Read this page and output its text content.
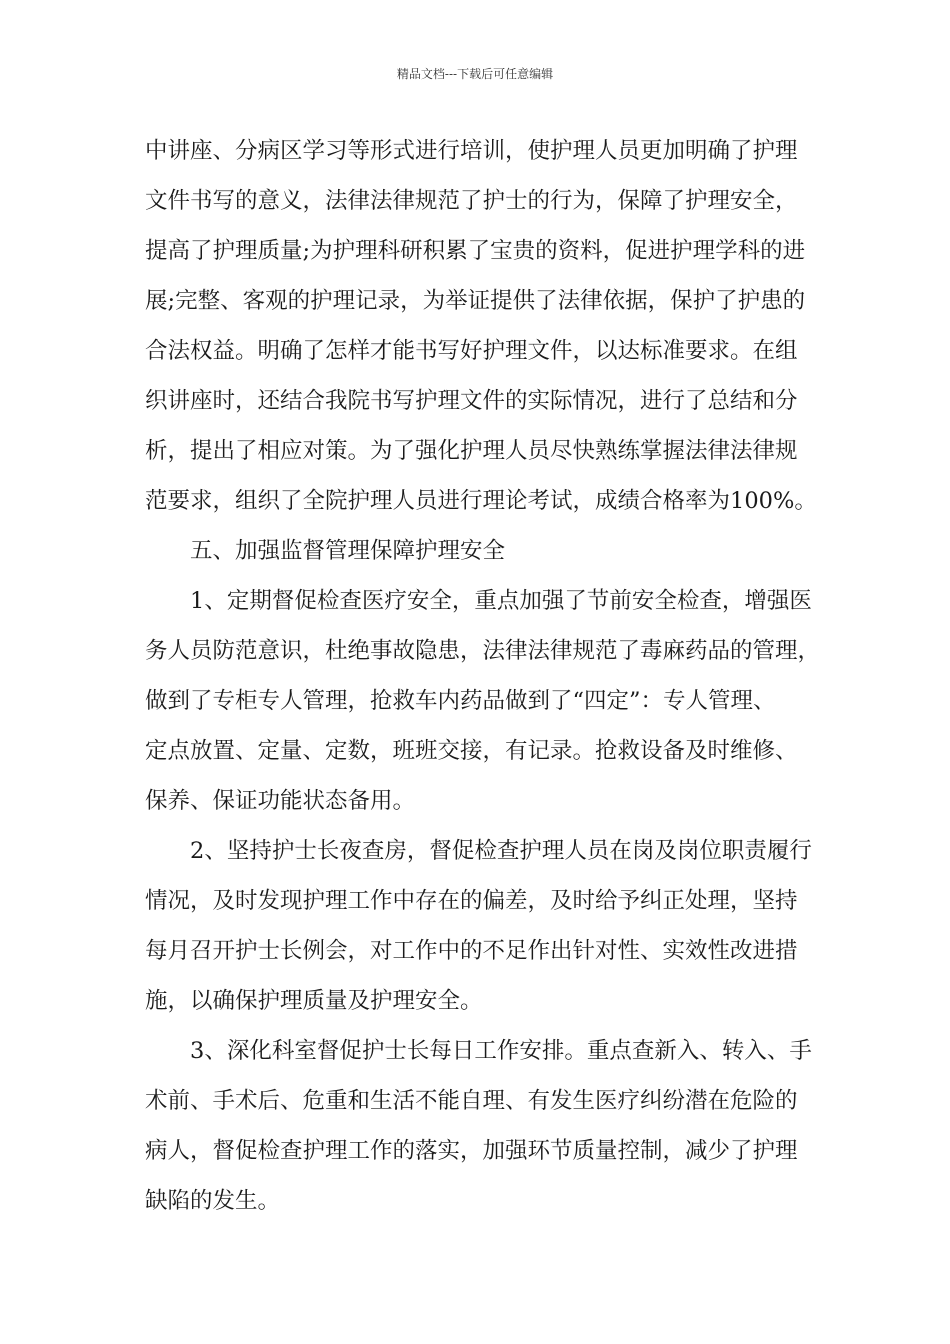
精品文档---下载后可任意编辑
中讲座、分病区学习等形式进行培训，使护理人员更加明确了护理
文件书写的意义，法律法律规范了护士的行为，保障了护理安全，
提高了护理质量;为护理科研积累了宝贵的资料，促进护理学科的进
展;完整、客观的护理记录，为举证提供了法律依据，保护了护患的
合法权益。明确了怎样才能书写好护理文件，以达标准要求。在组
织讲座时，还结合我院书写护理文件的实际情况，进行了总结和分
析，提出了相应对策。为了强化护理人员尽快熟练掌握法律法律规
范要求，组织了全院护理人员进行理论考试，成绩合格率为100%。
五、加强监督管理保障护理安全
1、定期督促检查医疗安全，重点加强了节前安全检查，增强医
务人员防范意识，杜绝事故隐患，法律法律规范了毒麻药品的管理，
做到了专柜专人管理，抢救车内药品做到了“四定”：专人管理、
定点放置、定量、定数，班班交接，有记录。抢救设备及时维修、
保养、保证功能状态备用。
2、坚持护士长夜查房，督促检查护理人员在岗及岗位职责履行
情况，及时发现护理工作中存在的偏差，及时给予纠正处理，坚持
每月召开护士长例会，对工作中的不足作出针对性、实效性改进措
施，以确保护理质量及护理安全。
3、深化科室督促护士长每日工作安排。重点查新入、转入、手
术前、手术后、危重和生活不能自理、有发生医疗纠纷潜在危险的
病人，督促检查护理工作的落实，加强环节质量控制，减少了护理
缺陷的发生。
